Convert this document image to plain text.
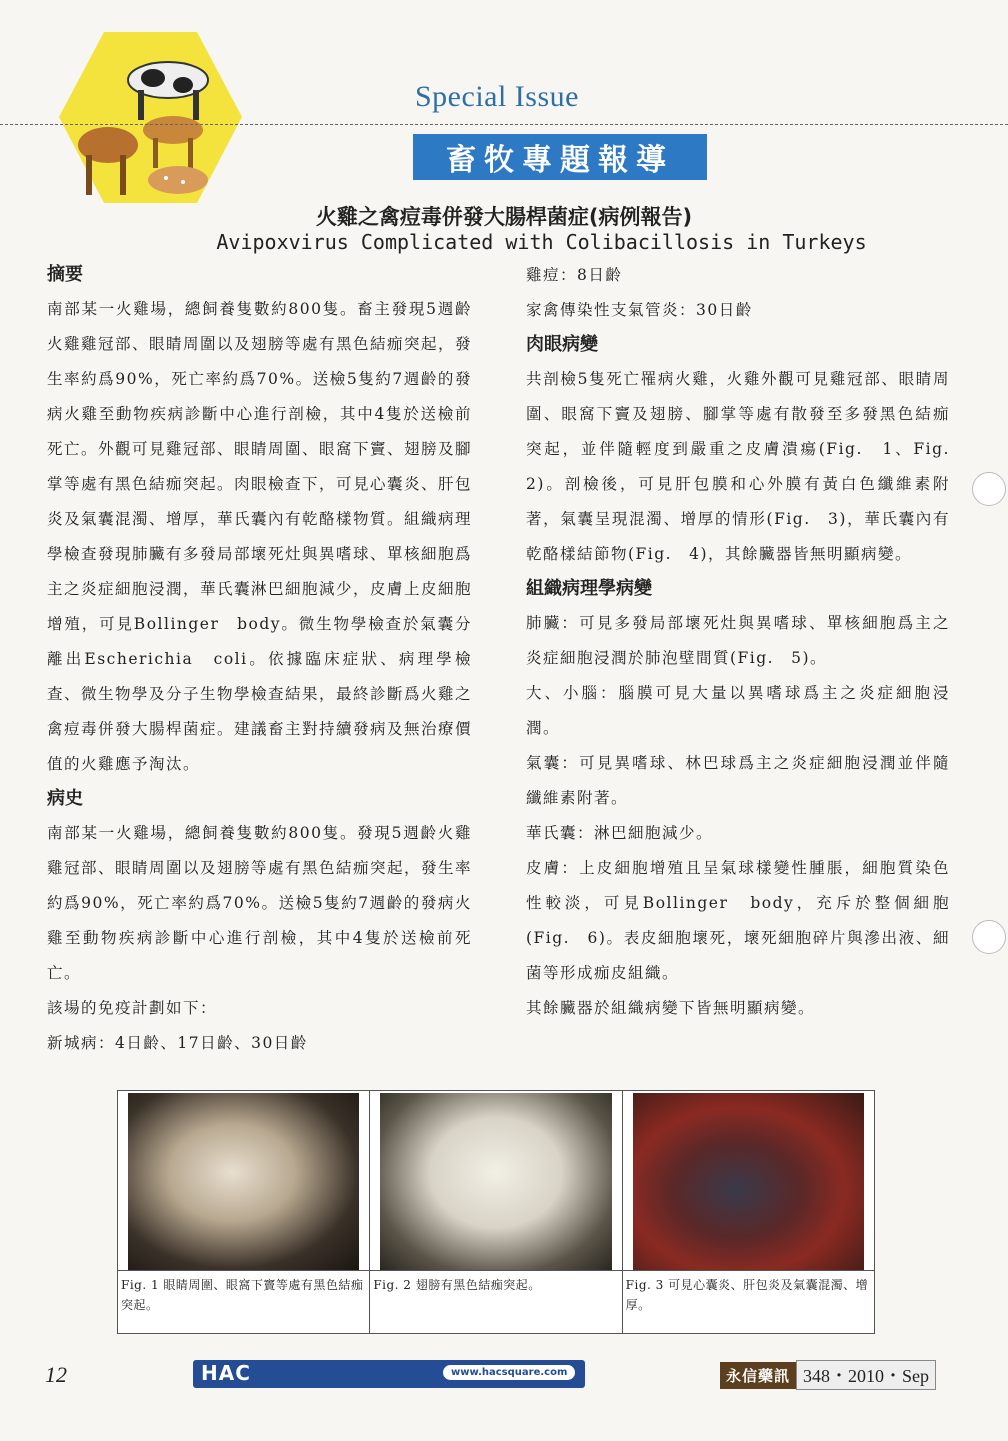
Special Issue
畜牧專題報導
火雞之禽痘毒併發大腸桿菌症(病例報告)
Avipoxvirus Complicated with Colibacillosis in Turkeys
摘要

南部某一火雞場，總飼養隻數約800隻。畜主發現5週齡火雞雞冠部、眼睛周圍以及翅膀等處有黑色結痂突起，發生率約爲90%，死亡率約爲70%。送檢5隻約7週齡的發病火雞至動物疾病診斷中心進行剖檢，其中4隻於送檢前死亡。外觀可見雞冠部、眼睛周圍、眼窩下竇、翅膀及腳掌等處有黑色結痂突起。肉眼檢查下，可見心囊炎、肝包炎及氣囊混濁、增厚，華氏囊內有乾酪樣物質。組織病理學檢查發現肺臟有多發局部壞死灶與異嗜球、單核細胞爲主之炎症細胞浸潤，華氏囊淋巴細胞減少，皮膚上皮細胞增殖，可見Bollinger　body。微生物學檢查於氣囊分離出Escherichia　coli。依據臨床症狀、病理學檢查、微生物學及分子生物學檢查結果，最終診斷爲火雞之禽痘毒併發大腸桿菌症。建議畜主對持續發病及無治療價值的火雞應予淘汰。

病史

南部某一火雞場，總飼養隻數約800隻。發現5週齡火雞雞冠部、眼睛周圍以及翅膀等處有黑色結痂突起，發生率約爲90%，死亡率約爲70%。送檢5隻約7週齡的發病火雞至動物疾病診斷中心進行剖檢，其中4隻於送檢前死亡。

該場的免疫計劃如下：

新城病：4日齡、17日齡、30日齡

雞痘：8日齡

家禽傳染性支氣管炎：30日齡

肉眼病變

共剖檢5隻死亡罹病火雞，火雞外觀可見雞冠部、眼睛周圍、眼窩下竇及翅膀、腳掌等處有散發至多發黑色結痂突起，並伴隨輕度到嚴重之皮膚潰瘍(Fig.　1、Fig.　2)。剖檢後，可見肝包膜和心外膜有黃白色纖維素附著，氣囊呈現混濁、增厚的情形(Fig.　3)，華氏囊內有乾酪樣結節物(Fig.　4)，其餘臟器皆無明顯病變。

組織病理學病變

肺臟：可見多發局部壞死灶與異嗜球、單核細胞爲主之炎症細胞浸潤於肺泡壁間質(Fig.　5)。

大、小腦：腦膜可見大量以異嗜球爲主之炎症細胞浸潤。

氣囊：可見異嗜球、林巴球爲主之炎症細胞浸潤並伴隨纖維素附著。

華氏囊：淋巴細胞減少。

皮膚：上皮細胞增殖且呈氣球樣變性腫脹，細胞質染色性較淡，可見Bollinger　body，充斥於整個細胞(Fig.　6)。表皮細胞壞死，壞死細胞碎片與滲出液、細菌等形成痂皮組織。

其餘臟器於組織病變下皆無明顯病變。

Fig. 1 眼睛周圍、眼窩下竇等處有黑色結痂突起。
Fig. 2 翅膀有黑色結痂突起。	Fig. 3 可見心囊炎、肝包炎及氣囊混濁、增厚。
12	HAC	www.hacsquare.com	永信藥訊 348・2010・Sep
